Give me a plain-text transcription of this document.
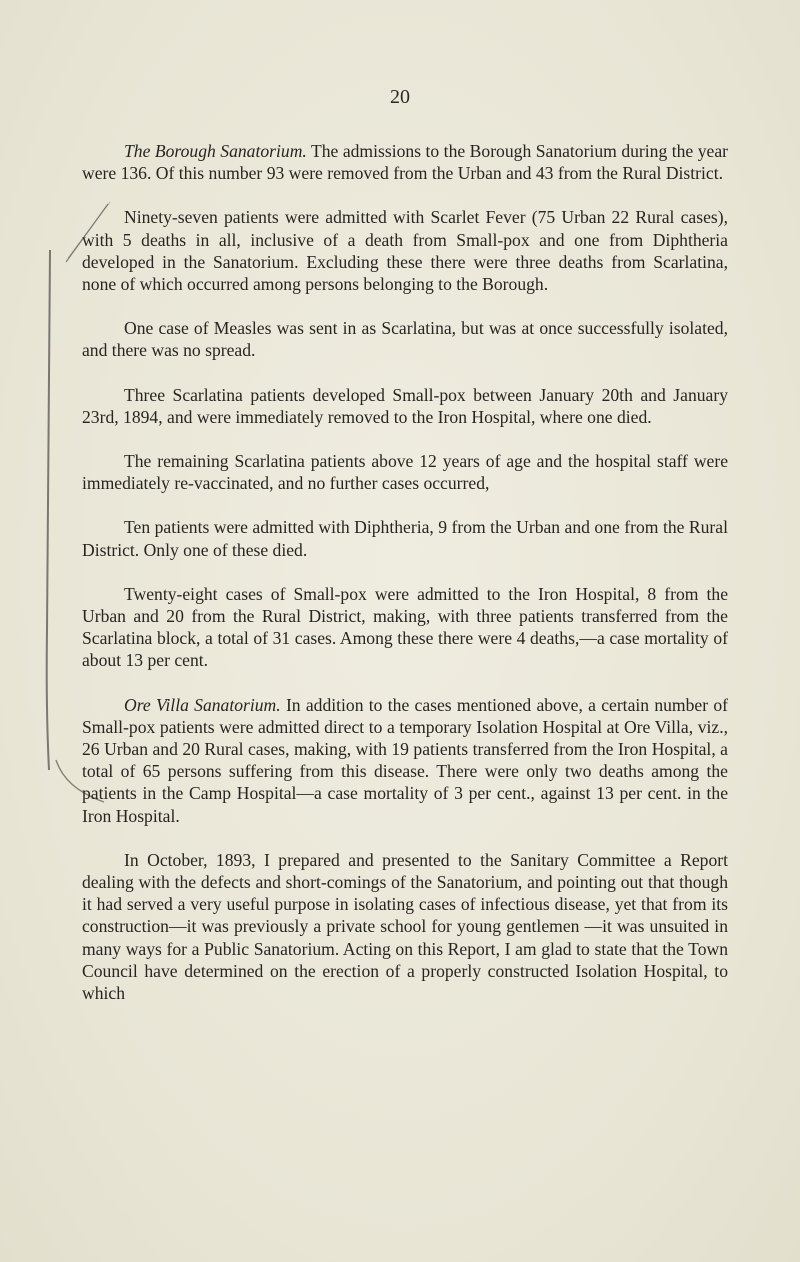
20

The Borough Sanatorium. The admissions to the Borough Sanatorium during the year were 136. Of this number 93 were removed from the Urban and 43 from the Rural District.

Ninety-seven patients were admitted with Scarlet Fever (75 Urban 22 Rural cases), with 5 deaths in all, inclusive of a death from Small-pox and one from Diphtheria developed in the Sanatorium. Excluding these there were three deaths from Scarlatina, none of which occurred among persons belonging to the Borough.

One case of Measles was sent in as Scarlatina, but was at once successfully isolated, and there was no spread.

Three Scarlatina patients developed Small-pox between January 20th and January 23rd, 1894, and were immediately removed to the Iron Hospital, where one died.

The remaining Scarlatina patients above 12 years of age and the hospital staff were immediately re-vaccinated, and no further cases occurred,

Ten patients were admitted with Diphtheria, 9 from the Urban and one from the Rural District. Only one of these died.

Twenty-eight cases of Small-pox were admitted to the Iron Hospital, 8 from the Urban and 20 from the Rural District, making, with three patients transferred from the Scarlatina block, a total of 31 cases. Among these there were 4 deaths,—a case mortality of about 13 per cent.

Ore Villa Sanatorium. In addition to the cases mentioned above, a certain number of Small-pox patients were admitted direct to a temporary Isolation Hospital at Ore Villa, viz., 26 Urban and 20 Rural cases, making, with 19 patients transferred from the Iron Hospital, a total of 65 persons suffering from this disease. There were only two deaths among the patients in the Camp Hospital—a case mortality of 3 per cent., against 13 per cent. in the Iron Hospital.

In October, 1893, I prepared and presented to the Sanitary Committee a Report dealing with the defects and short-comings of the Sanatorium, and pointing out that though it had served a very useful purpose in isolating cases of infectious disease, yet that from its construction—it was previously a private school for young gentlemen —it was unsuited in many ways for a Public Sanatorium. Acting on this Report, I am glad to state that the Town Council have determined on the erection of a properly constructed Isolation Hospital, to which
